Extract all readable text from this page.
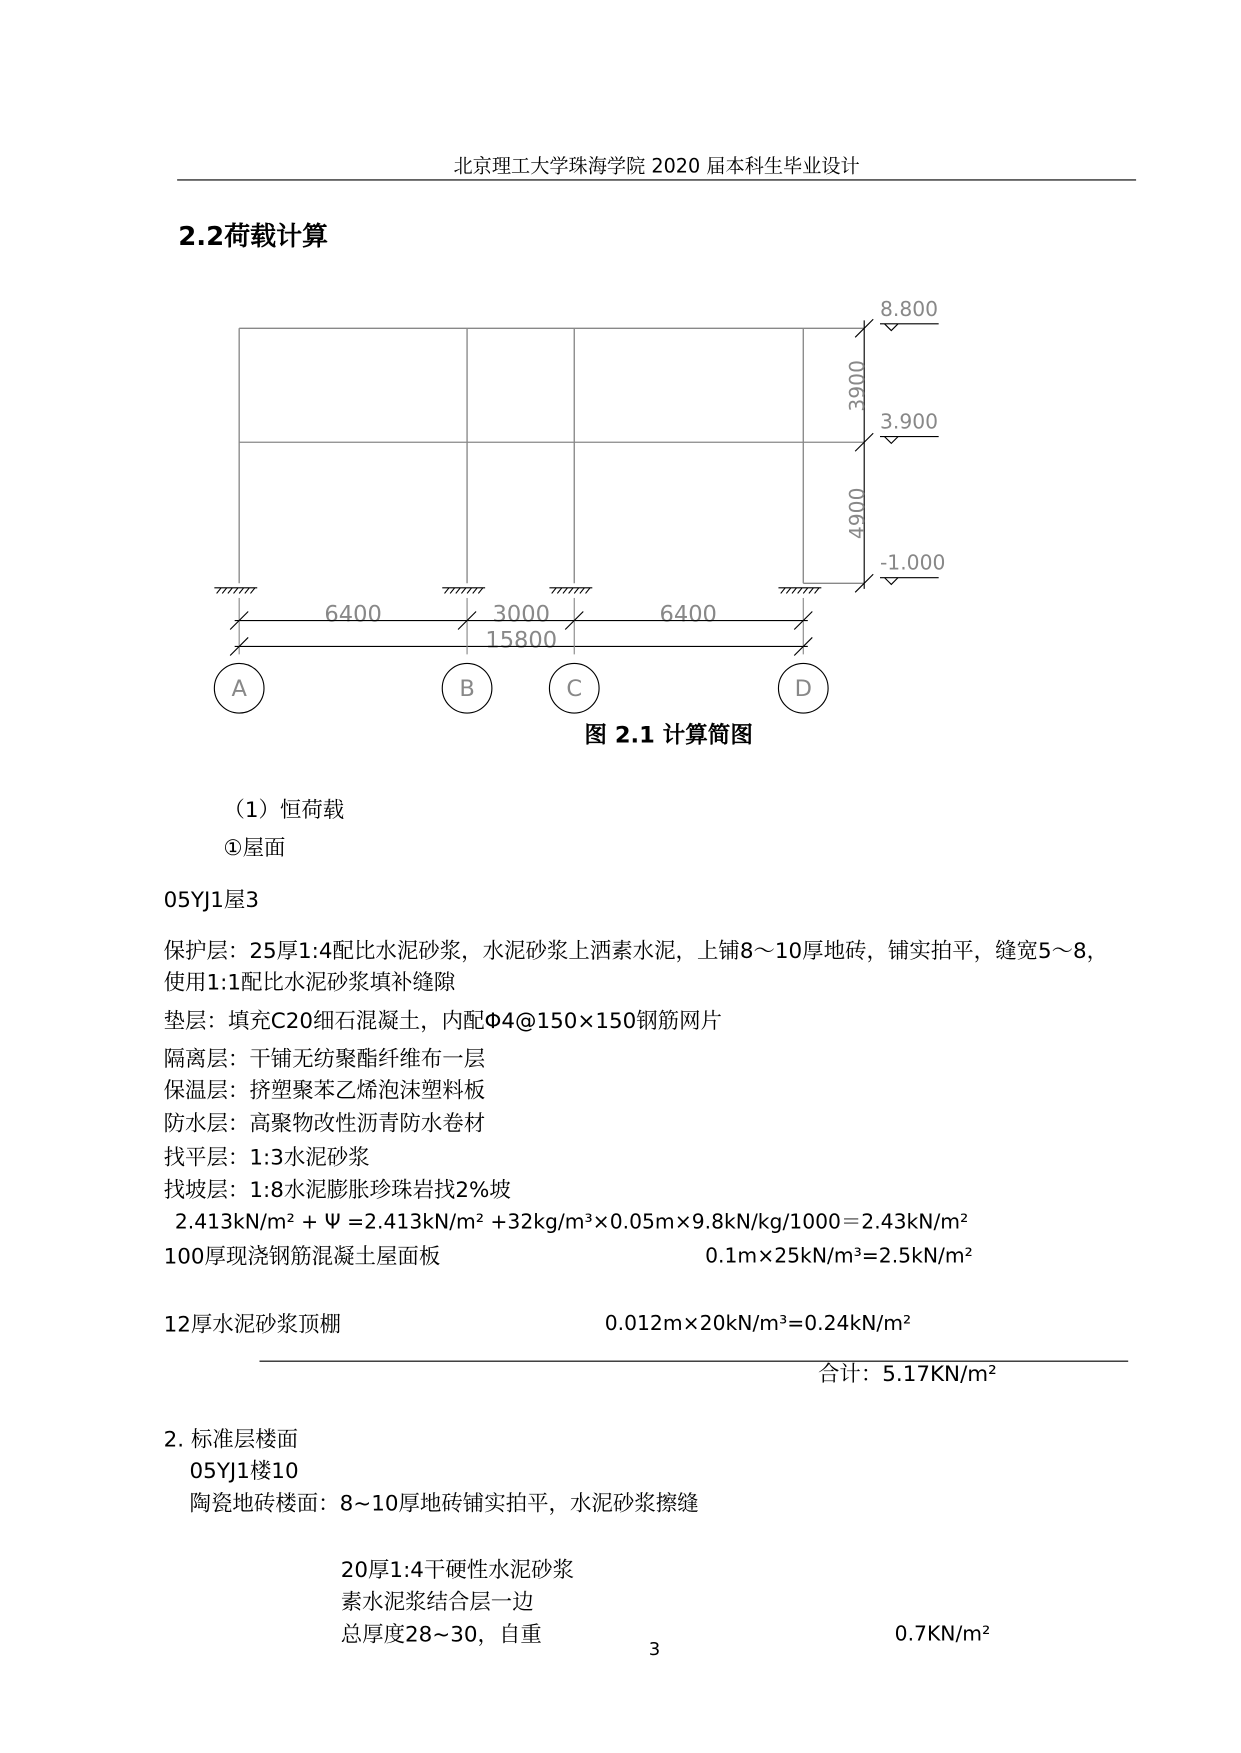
北京理工大学珠海学院 2020 届本科生毕业设计
2.2荷载计算
8.800
3.900
-1.000
3900
4900
6400	3000	6400
15800
A	B	C	D
图 2.1 计算简图
（1）恒荷载
①屋面
05YJ1屋3
保护层：25厚1:4配比水泥砂浆，水泥砂浆上洒素水泥，上铺8～10厚地砖，铺实拍平，缝宽5～8，
使用1:1配比水泥砂浆填补缝隙
垫层：填充C20细石混凝土，内配Φ4@150×150钢筋网片
隔离层：干铺无纺聚酯纤维布一层
保温层：挤塑聚苯乙烯泡沫塑料板
防水层：高聚物改性沥青防水卷材
找平层：1:3水泥砂浆
找坡层：1:8水泥膨胀珍珠岩找2%坡
2.413kN/m² + Ψ =2.413kN/m² +32kg/m³×0.05m×9.8kN/kg/1000＝2.43kN/m²
100厚现浇钢筋混凝土屋面板	0.1m×25kN/m³=2.5kN/m²
12厚水泥砂浆顶棚	0.012m×20kN/m³=0.24kN/m²
合计：5.17KN/m²
2. 标准层楼面
05YJ1楼10
陶瓷地砖楼面：8~10厚地砖铺实拍平，水泥砂浆擦缝
20厚1:4干硬性水泥砂浆
素水泥浆结合层一边
总厚度28~30，自重	0.7KN/m²
3
